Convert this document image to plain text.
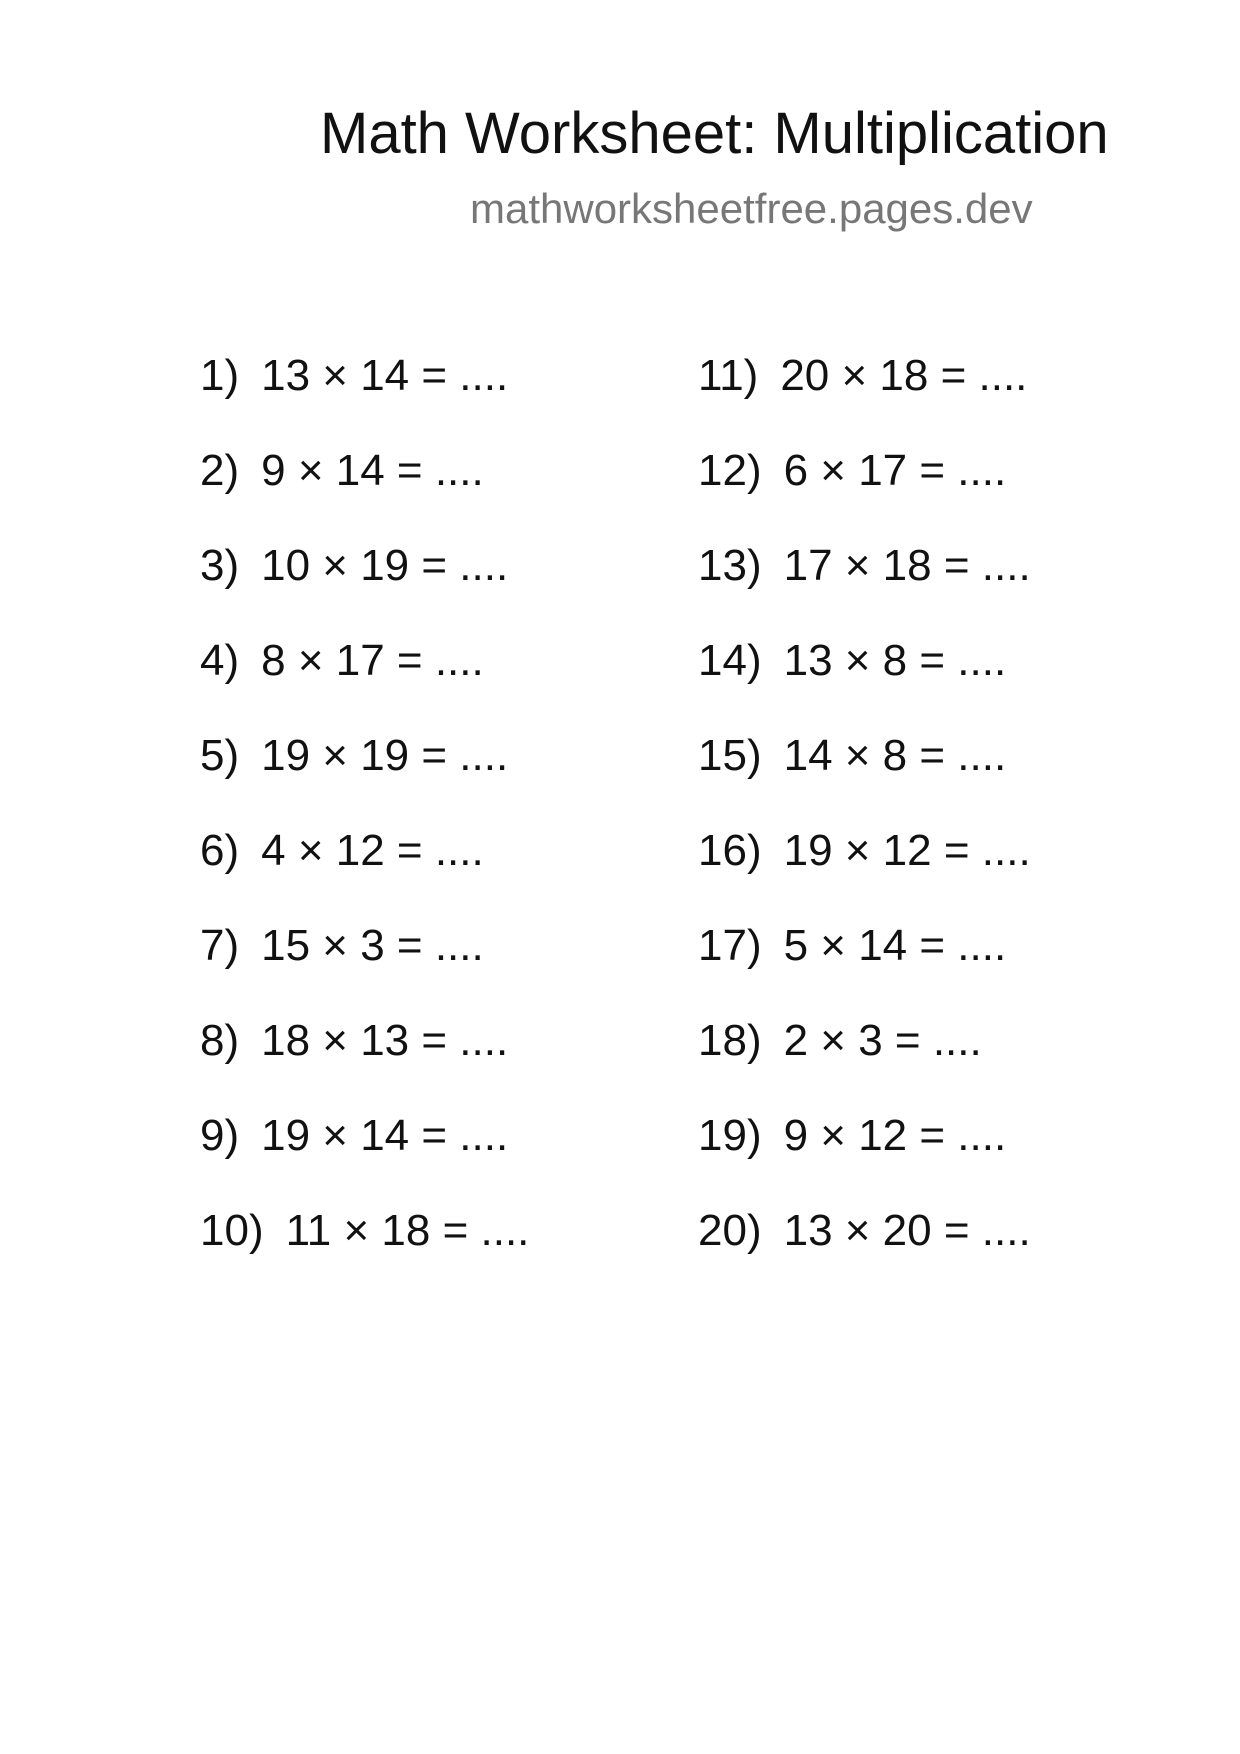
Math Worksheet: Multiplication
mathworksheetfree.pages.dev
1) 13 × 14 = ....
2) 9 × 14 = ....
3) 10 × 19 = ....
4) 8 × 17 = ....
5) 19 × 19 = ....
6) 4 × 12 = ....
7) 15 × 3 = ....
8) 18 × 13 = ....
9) 19 × 14 = ....
10) 11 × 18 = ....
11) 20 × 18 = ....
12) 6 × 17 = ....
13) 17 × 18 = ....
14) 13 × 8 = ....
15) 14 × 8 = ....
16) 19 × 12 = ....
17) 5 × 14 = ....
18) 2 × 3 = ....
19) 9 × 12 = ....
20) 13 × 20 = ....
